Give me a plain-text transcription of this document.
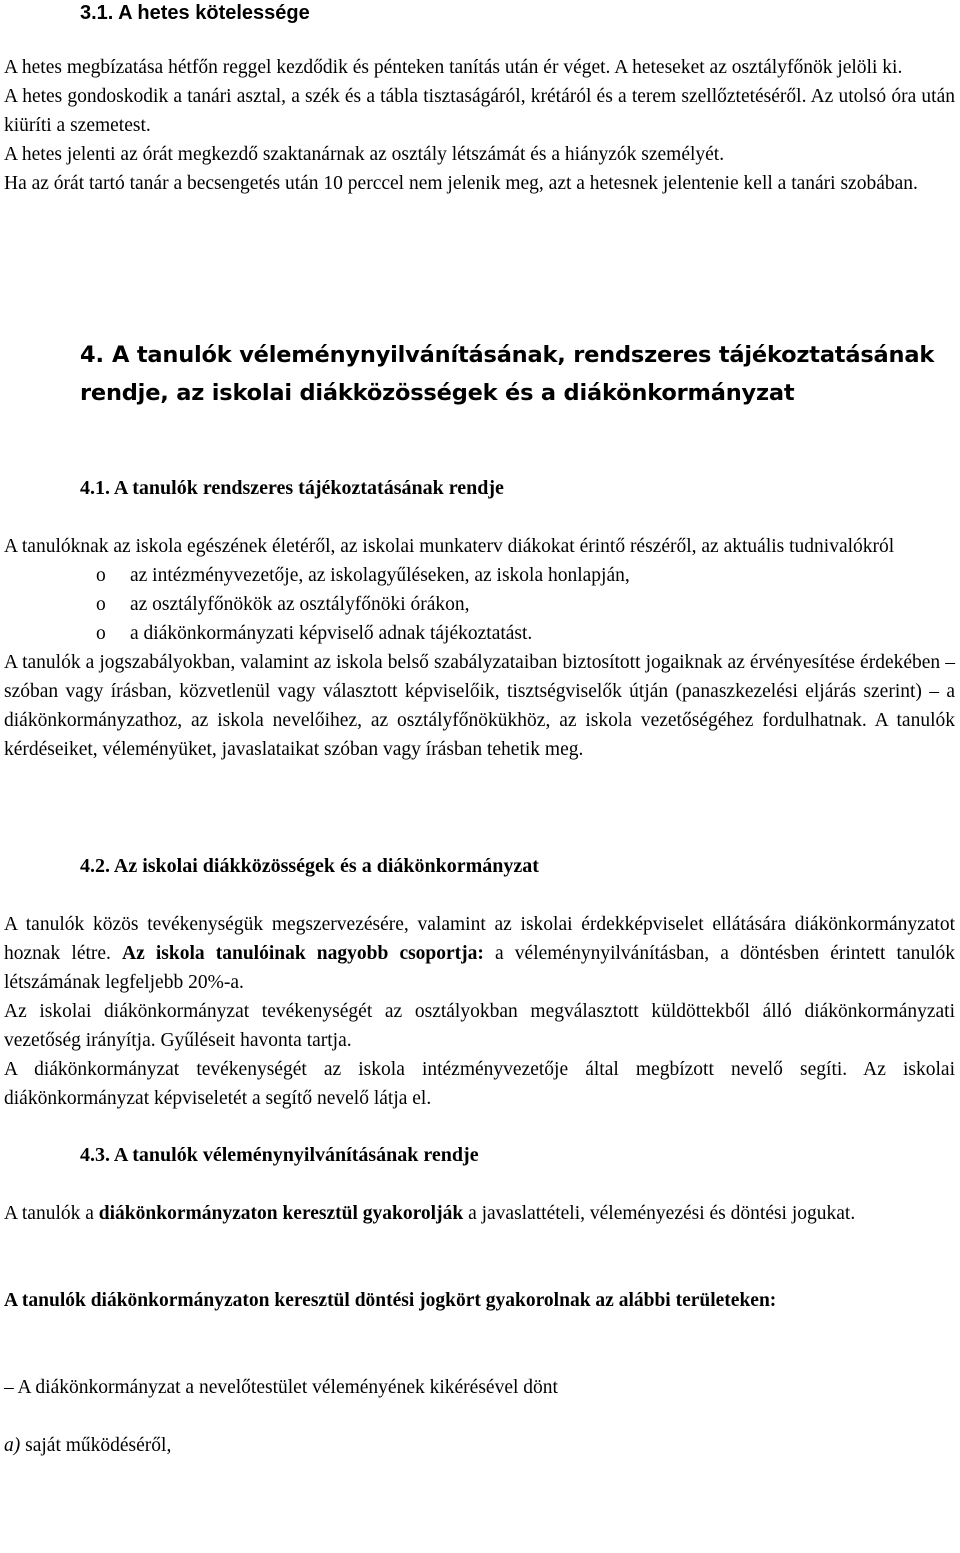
3.1. A hetes kötelessége

A hetes megbízatása hétfőn reggel kezdődik és pénteken tanítás után ér véget. A heteseket az osztályfőnök jelöli ki.

A hetes gondoskodik a tanári asztal, a szék és a tábla tisztaságáról, krétáról és a terem szellőztetéséről. Az utolsó óra után kiüríti a szemetest.

A hetes jelenti az órát megkezdő szaktanárnak az osztály létszámát és a hiányzók személyét.

Ha az órát tartó tanár a becsengetés után 10 perccel nem jelenik meg, azt a hetesnek jelentenie kell a tanári szobában.

4. A tanulók véleménynyilvánításának, rendszeres tájékoztatásának
rendje, az iskolai diákközösségek és a diákönkormányzat
4.1. A tanulók rendszeres tájékoztatásának rendje

A tanulóknak az iskola egészének életéről, az iskolai munkaterv diákokat érintő részéről, az aktuális tudnivalókról

o	az intézményvezetője, az iskolagyűléseken, az iskola honlapján,
o	az osztályfőnökök az osztályfőnöki órákon,
o	a diákönkormányzati képviselő adnak tájékoztatást.

A tanulók a jogszabályokban, valamint az iskola belső szabályzataiban biztosított jogaiknak az érvényesítése érdekében – szóban vagy írásban, közvetlenül vagy választott képviselőik, tisztségviselők útján (panaszkezelési eljárás szerint) – a diákönkormányzathoz, az iskola nevelőihez, az osztályfőnökükhöz, az iskola vezetőségéhez fordulhatnak. A tanulók kérdéseiket, véleményüket, javaslataikat szóban vagy írásban tehetik meg.

4.2. Az iskolai diákközösségek és a diákönkormányzat

A tanulók közös tevékenységük megszervezésére, valamint az iskolai érdekképviselet ellátására diákönkormányzatot hoznak létre. Az iskola tanulóinak nagyobb csoportja: a véleménynyilvánításban, a döntésben érintett tanulók létszámának legfeljebb 20%-a.

Az iskolai diákönkormányzat tevékenységét az osztályokban megválasztott küldöttekből álló diákönkormányzati vezetőség irányítja. Gyűléseit havonta tartja.

A diákönkormányzat tevékenységét az iskola intézményvezetője által megbízott nevelő segíti. Az iskolai diákönkormányzat képviseletét a segítő nevelő látja el.

4.3. A tanulók véleménynyilvánításának rendje

A tanulók a diákönkormányzaton keresztül gyakorolják a javaslattételi, véleményezési és döntési jogukat.

A tanulók diákönkormányzaton keresztül döntési jogkört gyakorolnak az alábbi területeken:

– A diákönkormányzat a nevelőtestület véleményének kikérésével dönt

a) saját működéséről,
